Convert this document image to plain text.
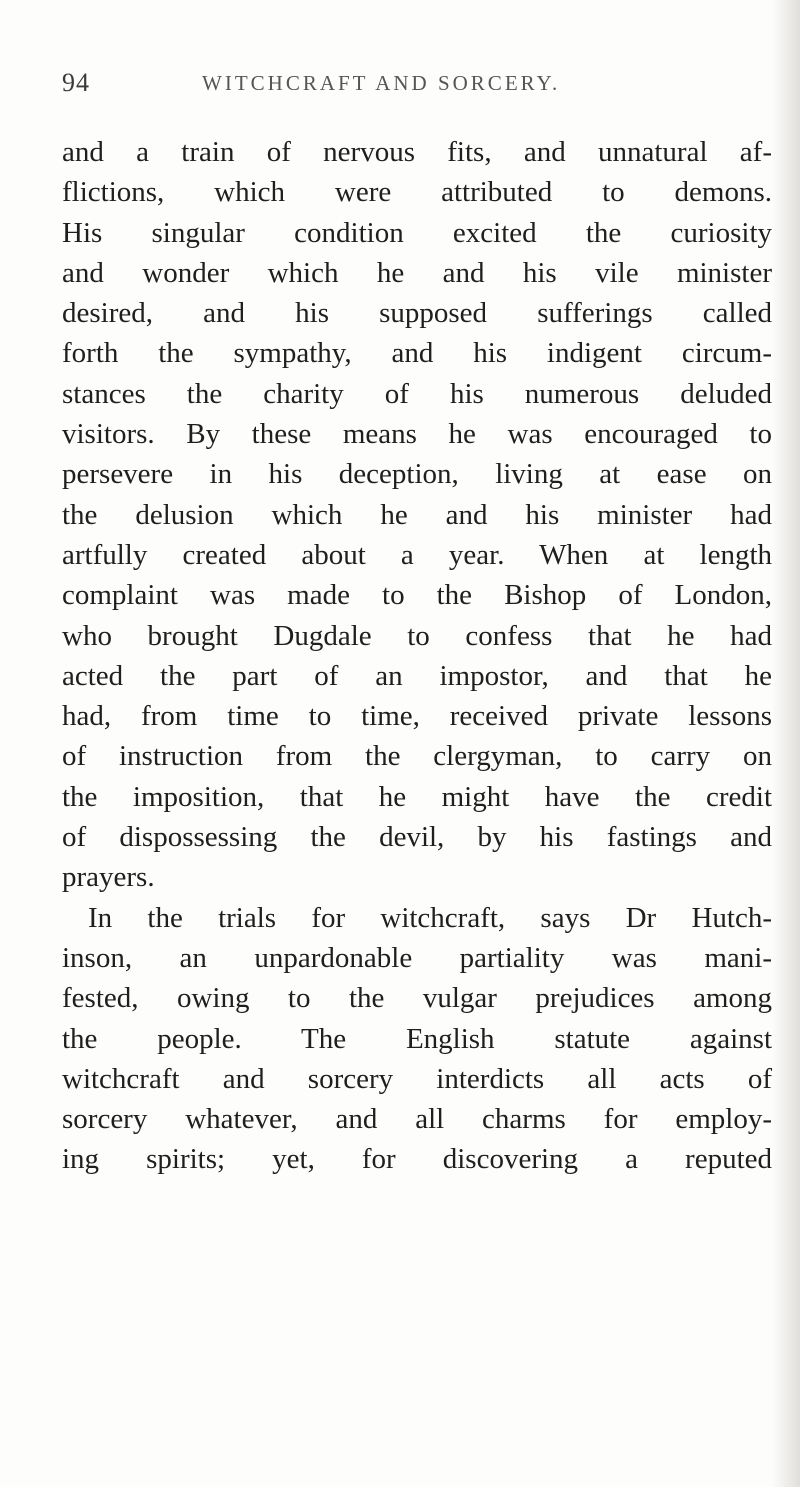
94	WITCHCRAFT AND SORCERY.
and a train of nervous fits, and unnatural af-
flictions, which were attributed to demons.
His singular condition excited the curiosity
and wonder which he and his vile minister
desired, and his supposed sufferings called
forth the sympathy, and his indigent circum-
stances the charity of his numerous deluded
visitors. By these means he was encouraged to
persevere in his deception, living at ease on
the delusion which he and his minister had
artfully created about a year. When at length
complaint was made to the Bishop of London,
who brought Dugdale to confess that he had
acted the part of an impostor, and that he
had, from time to time, received private lessons
of instruction from the clergyman, to carry on
the imposition, that he might have the credit
of dispossessing the devil, by his fastings and
prayers.
In the trials for witchcraft, says Dr Hutch-
inson, an unpardonable partiality was mani-
fested, owing to the vulgar prejudices among
the people. The English statute against
witchcraft and sorcery interdicts all acts of
sorcery whatever, and all charms for employ-
ing spirits; yet, for discovering a reputed
